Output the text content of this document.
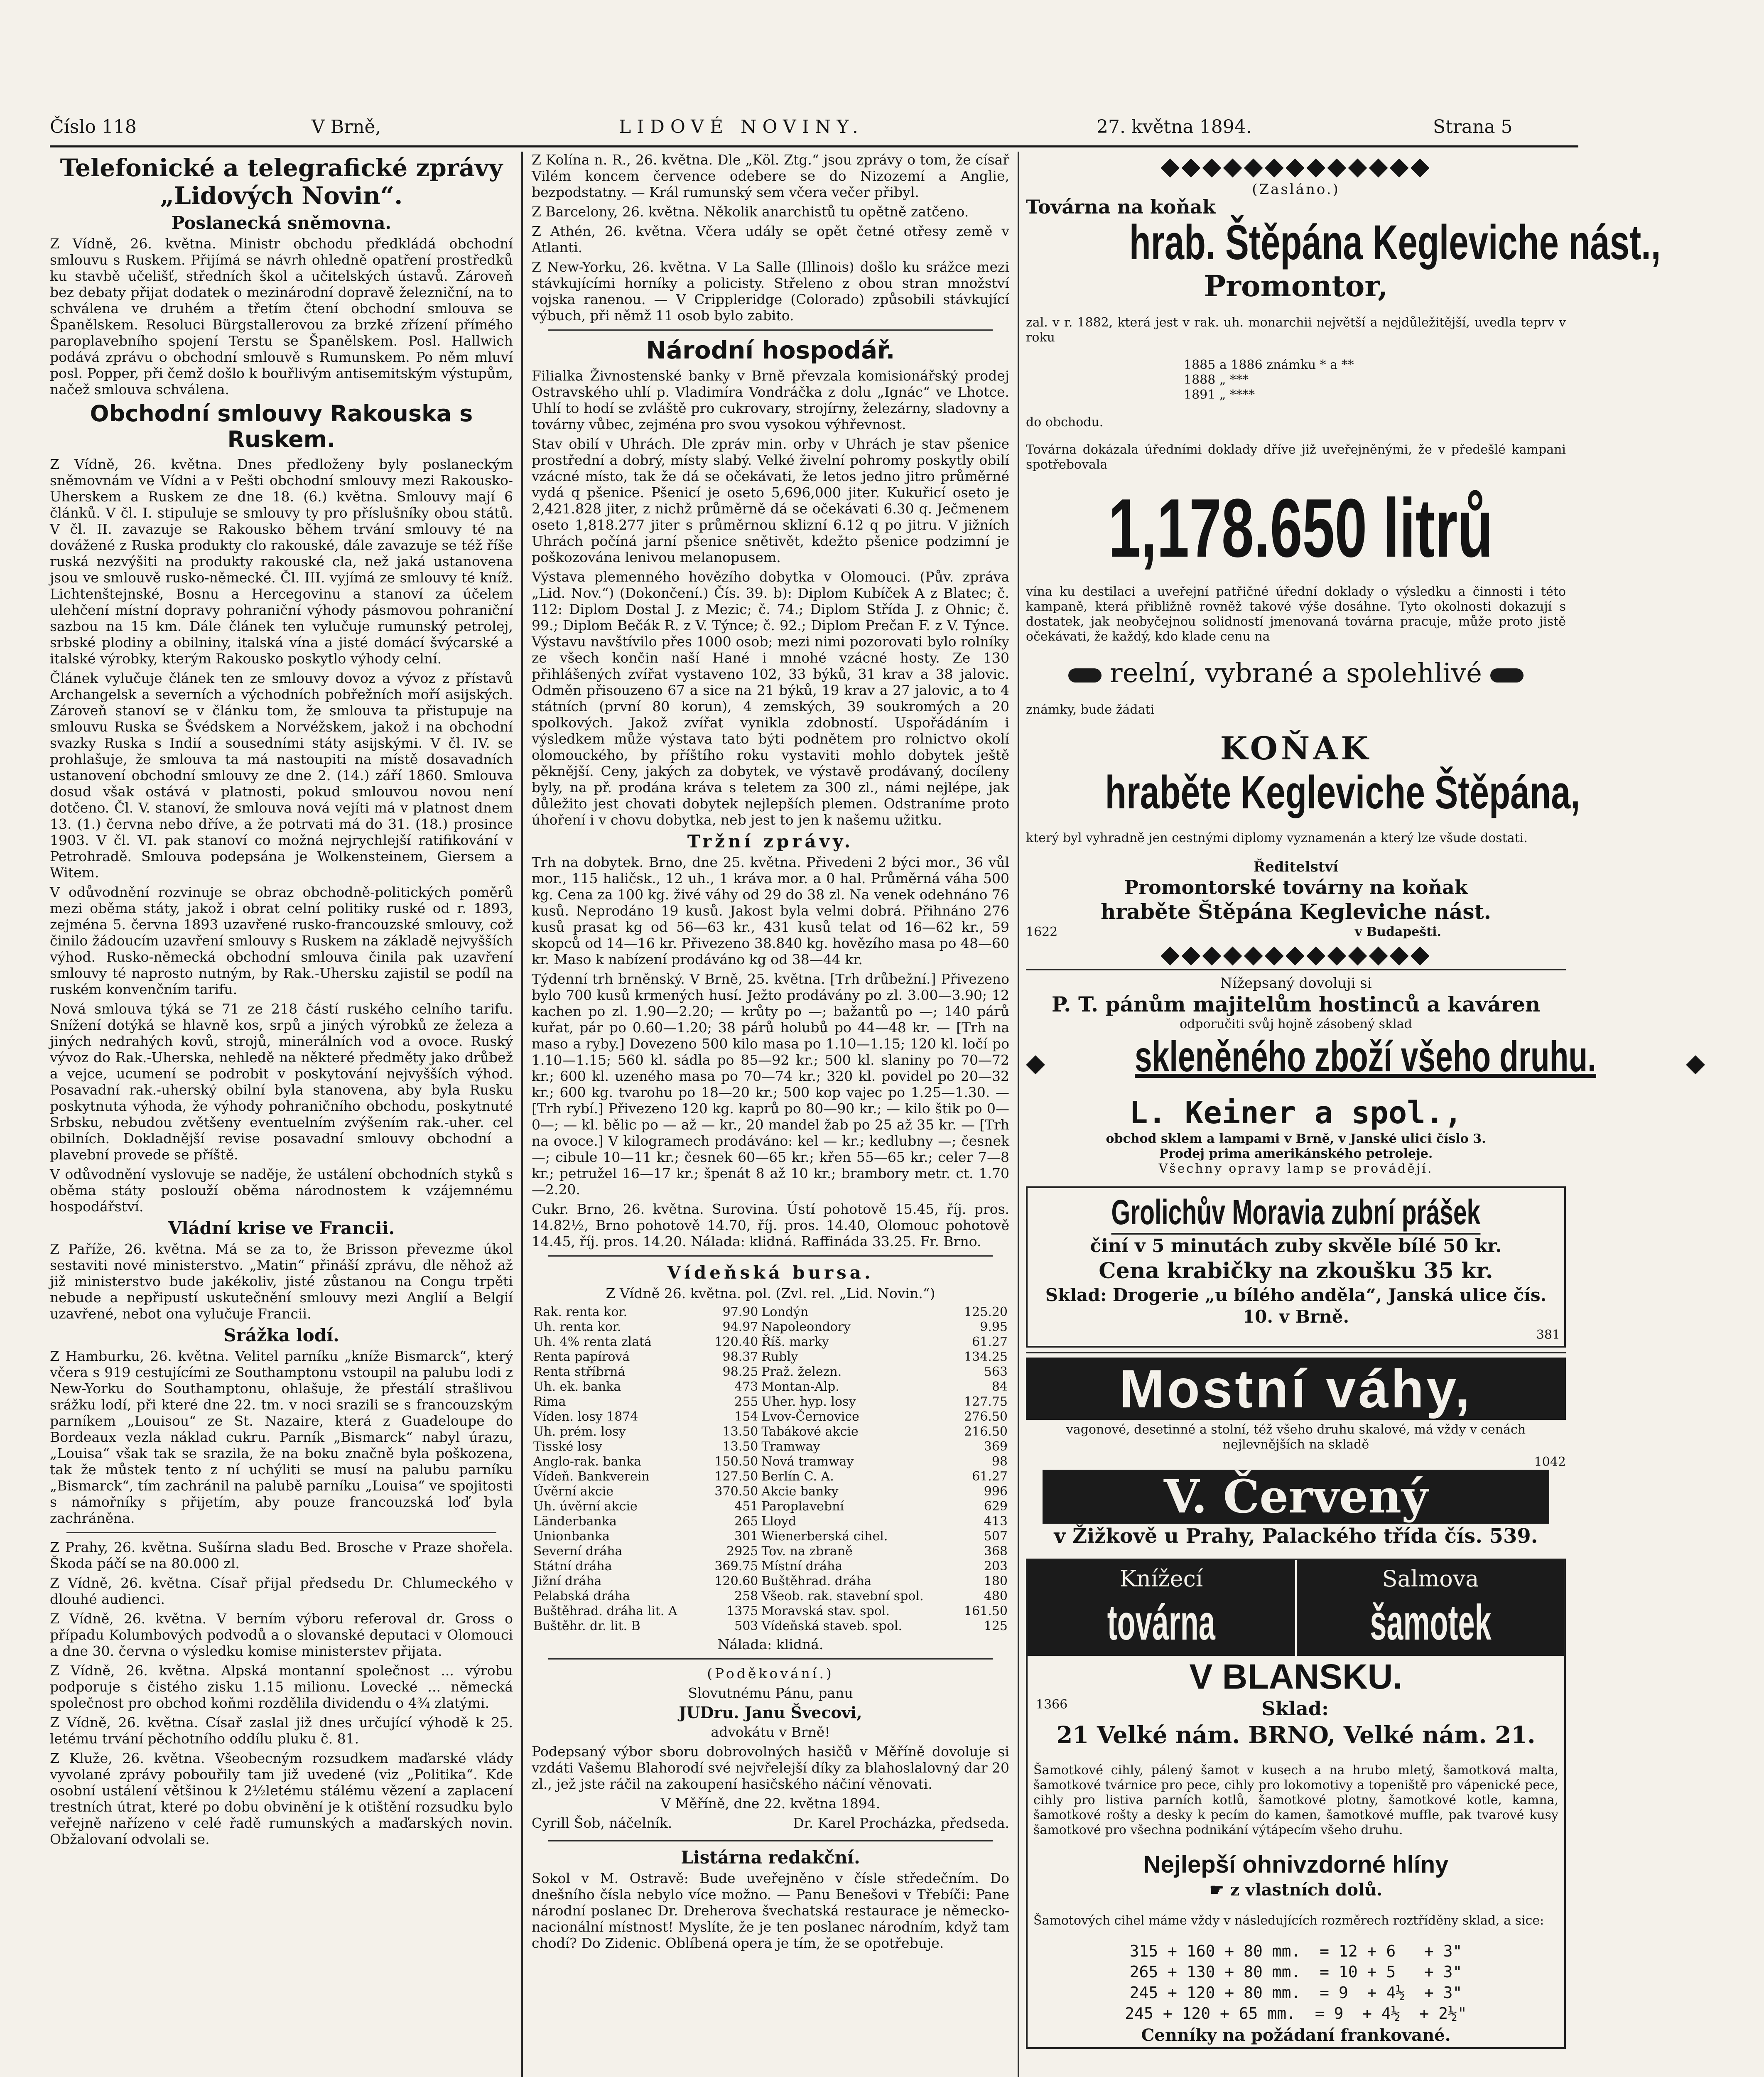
Číslo 118	V Brně,	LIDOVÉ NOVINY.	27. května 1894.	Strana 5
Telefonické a telegrafické zprávy „Lidových Novin“.
Poslanecká sněmovna.

Z Vídně, 26. května. Ministr obchodu předkládá obchodní smlouvu s Ruskem. Přijímá se návrh ohledně opatření prostředků ku stavbě učelišť, středních škol a učitelských ústavů. Zároveň bez debaty přijat dodatek o mezinárodní dopravě železniční, na to schválena ve druhém a třetím čtení obchodní smlouva se Španělskem. Resoluci Bürgstallerovou za brzké zřízení přímého paroplavebního spojení Terstu se Španělskem. Posl. Hallwich podává zprávu o obchodní smlouvě s Rumunskem. Po něm mluví posl. Popper, při čemž došlo k bouřlivým antisemitským výstupům, načež smlouva schválena.

Obchodní smlouvy Rakouska s Ruskem.

Z Vídně, 26. května. Dnes předloženy byly poslaneckým sněmovnám ve Vídni a v Pešti obchodní smlouvy mezi Rakousko-Uherskem a Ruskem ze dne 18. (6.) května. Smlouvy mají 6 článků. V čl. I. stipuluje se smlouvy ty pro příslušníky obou států. V čl. II. zavazuje se Rakousko během trvání smlouvy té na dovážené z Ruska produkty clo rakouské, dále zavazuje se též říše ruská nezvýšiti na produkty rakouské cla, než jaká ustanovena jsou ve smlouvě rusko-německé. Čl. III. vyjímá ze smlouvy té kníž. Lichtenštejnské, Bosnu a Hercegovinu a stanoví za účelem ulehčení místní dopravy pohraniční výhody pásmovou pohraniční sazbou na 15 km. Dále článek ten vylučuje rumunský petrolej, srbské plodiny a obilniny, italská vína a jisté domácí švýcarské a italské výrobky, kterým Rakousko poskytlo výhody celní.

Článek vylučuje článek ten ze smlouvy dovoz a vývoz z přístavů Archangelsk a severních a východních pobřežních moří asijských. Zároveň stanoví se v článku tom, že smlouva ta přistupuje na smlouvu Ruska se Švédskem a Norvéžskem, jakož i na obchodní svazky Ruska s Indií a sousedními státy asijskými. V čl. IV. se prohlašuje, že smlouva ta má nastoupiti na místě dosavadních ustanovení obchodní smlouvy ze dne 2. (14.) září 1860. Smlouva dosud však ostává v platnosti, pokud smlouvou novou není dotčeno. Čl. V. stanoví, že smlouva nová vejíti má v platnost dnem 13. (1.) června nebo dříve, a že potrvati má do 31. (18.) prosince 1903. V čl. VI. pak stanoví co možná nejrychlejší ratifikování v Petrohradě. Smlouva podepsána je Wolkensteinem, Giersem a Witem.

V odůvodnění rozvinuje se obraz obchodně-politických poměrů mezi oběma státy, jakož i obrat celní politiky ruské od r. 1893, zejména 5. června 1893 uzavřené rusko-francouzské smlouvy, což činilo žádoucím uzavření smlouvy s Ruskem na základě nejvyšších výhod. Rusko-německá obchodní smlouva činila pak uzavření smlouvy té naprosto nutným, by Rak.-Uhersku zajistil se podíl na ruském konvenčním tarifu.

Nová smlouva týká se 71 ze 218 částí ruského celního tarifu. Snížení dotýká se hlavně kos, srpů a jiných výrobků ze železa a jiných nedrahých kovů, strojů, minerálních vod a ovoce. Ruský vývoz do Rak.-Uherska, nehledě na některé předměty jako drůbež a vejce, ucumení se podrobit v poskytování nejvyšších výhod. Posavadní rak.-uherský obilní byla stanovena, aby byla Rusku poskytnuta výhoda, že výhody pohraničního obchodu, poskytnuté Srbsku, nebudou zvětšeny eventuelním zvýšením rak.-uher. cel obilních. Dokladnější revise posavadní smlouvy obchodní a plavební provede se příště.

V odůvodnění vyslovuje se naděje, že ustálení obchodních styků s oběma státy poslouží oběma národnostem k vzájemnému hospodářství.

Vládní krise ve Francii.

Z Paříže, 26. května. Má se za to, že Brisson převezme úkol sestaviti nové ministerstvo. „Matin“ přináší zprávu, dle něhož až již ministerstvo bude jakékoliv, jisté zůstanou na Congu trpěti nebude a nepřipustí uskutečnění smlouvy mezi Anglií a Belgií uzavřené, nebot ona vylučuje Francii.

Srážka lodí.

Z Hamburku, 26. května. Velitel parníku „kníže Bismarck“, který včera s 919 cestujícími ze Southamptonu vstoupil na palubu lodi z New-Yorku do Southamptonu, ohlašuje, že přestálí strašlivou srážku lodí, při které dne 22. tm. v noci srazili se s francouzským parníkem „Louisou“ ze St. Nazaire, která z Guadeloupe do Bordeaux vezla náklad cukru. Parník „Bismarck“ nabyl úrazu, „Louisa“ však tak se srazila, že na boku značně byla poškozena, tak že můstek tento z ní uchýliti se musí na palubu parníku „Bismarck“, tím zachránil na palubě parníku „Louisa“ ve spojitosti s námořníky s přijetím, aby pouze francouzská loď byla zachráněna.

Z Prahy, 26. května. Sušírna sladu Bed. Brosche v Praze shořela. Škoda páčí se na 80.000 zl.

Z Vídně, 26. května. Císař přijal předsedu Dr. Chlumeckého v dlouhé audienci.

Z Vídně, 26. května. V berním výboru referoval dr. Gross o případu Kolumbových podvodů a o slovanské deputaci v Olomouci a dne 30. června o výsledku komise ministerstev přijata.

Z Vídně, 26. května. Alpská montanní společnost ... výrobu podporuje s čistého zisku 1.15 milionu. Lovecké ... německá společnost pro obchod koňmi rozdělila dividendu o 4¾ zlatými.

Z Vídně, 26. května. Císař zaslal již dnes určující výhodě k 25. letému trvání pěchotního oddílu pluku č. 81.

Z Kluže, 26. května. Všeobecným rozsudkem maďarské vlády vyvolané zprávy pobouřily tam již uvedené (viz „Politika“. Kde osobní ustálení většinou k 2½letému stálému vězení a zaplacení trestních útrat, které po dobu obvinění je k otištění rozsudku bylo veřejně nařízeno v celé řadě rumunských a maďarských novin. Obžalovaní odvolali se.

Z Kolína n. R., 26. května. Dle „Köl. Ztg.“ jsou zprávy o tom, že císař Vilém koncem července odebere se do Nizozemí a Anglie, bezpodstatny. — Král rumunský sem včera večer přibyl.

Z Barcelony, 26. května. Několik anarchistů tu opětně zatčeno.

Z Athén, 26. května. Včera udály se opět četné otřesy země v Atlanti.

Z New-Yorku, 26. května. V La Salle (Illinois) došlo ku srážce mezi stávkujícími horníky a policisty. Střeleno z obou stran množství vojska ranenou. — V Crippleridge (Colorado) způsobili stávkující výbuch, při němž 11 osob bylo zabito.

Národní hospodář.

Filialka Živnostenské banky v Brně převzala komisionářský prodej Ostravského uhlí p. Vladimíra Vondráčka z dolu „Ignác“ ve Lhotce. Uhlí to hodí se zvláště pro cukrovary, strojírny, železárny, sladovny a továrny vůbec, zejména pro svou vysokou výhřevnost.

Stav obilí v Uhrách. Dle zpráv min. orby v Uhrách je stav pšenice prostřední a dobrý, místy slabý. Velké živelní pohromy poskytly obilí vzácné místo, tak že dá se očekávati, že letos jedno jitro průměrné vydá q pšenice. Pšenicí je oseto 5,696,000 jiter. Kukuřicí oseto je 2,421.828 jiter, z nichž průměrně dá se očekávati 6.30 q. Ječmenem oseto 1,818.277 jiter s průměrnou sklizní 6.12 q po jitru. V jižních Uhrách počíná jarní pšenice snětivět, kdežto pšenice podzimní je poškozována lenivou melanopusem.

Výstava plemenného hovězího dobytka v Olomouci. (Pův. zpráva „Lid. Nov.“) (Dokončení.) Čís. 39. b): Diplom Kubíček A z Blatec; č. 112: Diplom Dostal J. z Mezic; č. 74.; Diplom Střída J. z Ohnic; č. 99.; Diplom Bečák R. z V. Týnce; č. 92.; Diplom Prečan F. z V. Týnce. Výstavu navštívilo přes 1000 osob; mezi nimi pozorovati bylo rolníky ze všech končin naší Hané i mnohé vzácné hosty. Ze 130 přihlášených zvířat vystaveno 102, 33 býků, 31 krav a 38 jalovic. Odměn přisouzeno 67 a sice na 21 býků, 19 krav a 27 jalovic, a to 4 státních (první 80 korun), 4 zemských, 39 soukromých a 20 spolkových. Jakož zvířat vynikla zdobností. Uspořádáním i výsledkem může výstava tato býti podnětem pro rolnictvo okolí olomouckého, by příštího roku vystaviti mohlo dobytek ještě pěknější. Ceny, jakých za dobytek, ve výstavě prodávaný, docíleny byly, na př. prodána kráva s teletem za 300 zl., námi nejlépe, jak důležito jest chovati dobytek nejlepších plemen. Odstraníme proto úhoření i v chovu dobytka, neb jest to jen k našemu užitku.

Tržní zprávy.

Trh na dobytek. Brno, dne 25. května. Přivedeni 2 býci mor., 36 vůl mor., 115 haličsk., 12 uh., 1 kráva mor. a 0 hal. Průměrná váha 500 kg. Cena za 100 kg. živé váhy od 29 do 38 zl. Na venek odehnáno 76 kusů. Neprodáno 19 kusů. Jakost byla velmi dobrá. Přihnáno 276 kusů prasat kg od 56—63 kr., 431 kusů telat od 16—62 kr., 59 skopců od 14—16 kr. Přivezeno 38.840 kg. hovězího masa po 48—60 kr. Maso k nabízení prodáváno kg od 38—44 kr.

Týdenní trh brněnský. V Brně, 25. května. [Trh drůbežní.] Přivezeno bylo 700 kusů krmených husí. Ježto prodávány po zl. 3.00—3.90; 12 kachen po zl. 1.90—2.20; — krůty po —; bažantů po —; 140 párů kuřat, pár po 0.60—1.20; 38 párů holubů po 44—48 kr. — [Trh na maso a ryby.] Dovezeno 500 kilo masa po 1.10—1.15; 120 kl. ločí po 1.10—1.15; 560 kl. sádla po 85—92 kr.; 500 kl. slaniny po 70—72 kr.; 600 kl. uzeného masa po 70—74 kr.; 320 kl. povidel po 20—32 kr.; 600 kg. tvarohu po 18—20 kr.; 500 kop vajec po 1.25—1.30. — [Trh rybí.] Přivezeno 120 kg. kaprů po 80—90 kr.; — kilo štik po 0—0—; — kl. bělic po — až — kr., 20 mandel žab po 25 až 35 kr. — [Trh na ovoce.] V kilogramech prodáváno: kel — kr.; kedlubny —; česnek —; cibule 10—11 kr.; česnek 60—65 kr.; křen 55—65 kr.; celer 7—8 kr.; petružel 16—17 kr.; špenát 8 až 10 kr.; brambory metr. ct. 1.70—2.20.

Cukr. Brno, 26. května. Surovina. Ústí pohotově 15.45, říj. pros. 14.82½, Brno pohotově 14.70, říj. pros. 14.40, Olomouc pohotově 14.45, říj. pros. 14.20. Nálada: klidná. Raffináda 33.25. Fr. Brno.

Vídeňská bursa.

Z Vídně 26. května. pol. (Zvl. rel. „Lid. Novin.“)

Rak. renta kor.	97.90	Londýn	125.20
Uh. renta kor.	94.97	Napoleondory	9.95
Uh. 4% renta zlatá	120.40	Říš. marky	61.27
Renta papírová	98.37	Rubly	134.25
Renta stříbrná	98.25	Praž. železn.	563
Uh. ek. banka	473	Montan-Alp.	84
Rima	255	Uher. hyp. losy	127.75
Víden. losy 1874	154	Lvov-Černovice	276.50
Uh. prém. losy	13.50	Tabákové akcie	216.50
Tisské losy	13.50	Tramway	369
Anglo-rak. banka	150.50	Nová tramway	98
Vídeň. Bankverein	127.50	Berlín C. A.	61.27
Úvěrní akcie	370.50	Akcie banky	996
Uh. úvěrní akcie	451	Paroplavební	629
Länderbanka	265	Lloyd	413
Unionbanka	301	Wienerberská cihel.	507
Severní dráha	2925	Tov. na zbraně	368
Státní dráha	369.75	Místní dráha	203
Jižní dráha	120.60	Buštěhrad. dráha	180
Pelabská dráha	258	Všeob. rak. stavební spol.	480
Buštěhrad. dráha lit. A	1375	Moravská stav. spol.	161.50
Buštěhr. dr. lit. B	503	Vídeňská staveb. spol.	125

Nálada: klidná.

(Poděkování.)

Slovutnému Pánu, panu

JUDru. Janu Švecovi,

advokátu v Brně!

Podepsaný výbor sboru dobrovolných hasičů v Měříně dovoluje si vzdáti Vašemu Blahorodí své nejvřelejší díky za blahoslalovný dar 20 zl., jež jste ráčil na zakoupení hasičského náčiní věnovati.

V Měříně, dne 22. května 1894.

Cyrill Šob, náčelník.	Dr. Karel Procházka, předseda.
Listárna redakční.

Sokol v M. Ostravě: Bude uveřejněno v čísle středečním. Do dnešního čísla nebylo více možno. — Panu Benešovi v Třebíči: Pane národní poslanec Dr. Dreherova švechatská restaurace je německo-nacionální místnost! Myslíte, že je ten poslanec národním, když tam chodí? Do Zidenic. Oblíbená opera je tím, že se opotřebuje.

◆◆◆◆◆◆◆◆◆◆◆◆◆
(Zasláno.)
Továrna na koňak
hrab. Štěpána Kegleviche nást.,
Promontor,

zal. v r. 1882, která jest v rak. uh. monarchii největší a nejdůležitější, uvedla teprv v roku

1885 a 1886 známku * a **
1888 „ ***
1891 „ ****

do obchodu.

Továrna dokázala úředními doklady dříve již uveřejněnými, že v předešlé kampani spotřebovala

1,178.650 litrů

vína ku destilaci a uveřejní patřičné úřední doklady o výsledku a činnosti i této kampaně, která přibližně rovněž takové výše dosáhne. Tyto okolnosti dokazují s dostatek, jak neobyčejnou solidností jmenovaná továrna pracuje, může proto jistě očekávati, že každý, kdo klade cenu na

reelní, vybrané a spolehlivé

známky, bude žádati

KOŇAK
hraběte Kegleviche Štěpána,

který byl vyhradně jen cestnými diplomy vyznamenán a který lze všude dostati.

Ředitelství
Promontorské továrny na koňak
hraběte Štěpána Kegleviche nást.
1622	v Budapešti.
◆◆◆◆◆◆◆◆◆◆◆◆◆
Nížepsaný dovoluji si
P. T. pánům majitelům hostinců a kaváren
odporučiti svůj hojně zásobený sklad
◆ skleněného zboží všeho druhu.	◆
L. Keiner a spol.,
obchod sklem a lampami v Brně, v Janské ulici číslo 3.
Prodej prima amerikánského petroleje.
Všechny opravy lamp se provádějí.
Grolichův Moravia zubní prášek
činí v 5 minutách zuby skvěle bílé 50 kr.
Cena krabičky na zkoušku 35 kr.
Sklad: Drogerie „u bílého anděla“, Janská ulice čís. 10. v Brně.
381
Mostní váhy,

vagonové, desetinné a stolní, též všeho druhu skalové, má vždy v cenách nejlevnějších na skladě

1042
V. Červený
v Žižkově u Prahy, Palackého třída čís. 539.
Knížecí
továrna
Salmova
šamotek
V BLANSKU.
1366	Sklad:
21 Velké nám. BRNO, Velké nám. 21.

Šamotkové cihly, pálený šamot v kusech a na hrubo mletý, šamotková malta, šamotkové tvárnice pro pece, cihly pro lokomotivy a topeniště pro vápenické pece, cihly pro listiva parních kotlů, šamotkové plotny, šamotkové kotle, kamna, šamotkové rošty a desky k pecím do kamen, šamotkové muffle, pak tvarové kusy šamotkové pro všechna podnikání výtápecím všeho druhu.

Nejlepší ohnivzdorné hlíny
☛ z vlastních dolů.

Šamotových cihel máme vždy v následujících rozměrech roztříděny sklad, a sice:

315 + 160 + 80 mm.  = 12 + 6   + 3"
265 + 130 + 80 mm.  = 10 + 5   + 3"
245 + 120 + 80 mm.  = 9  + 4½  + 3"
245 + 120 + 65 mm.  = 9  + 4½  + 2½"
Cenníky na požádaní frankované.
